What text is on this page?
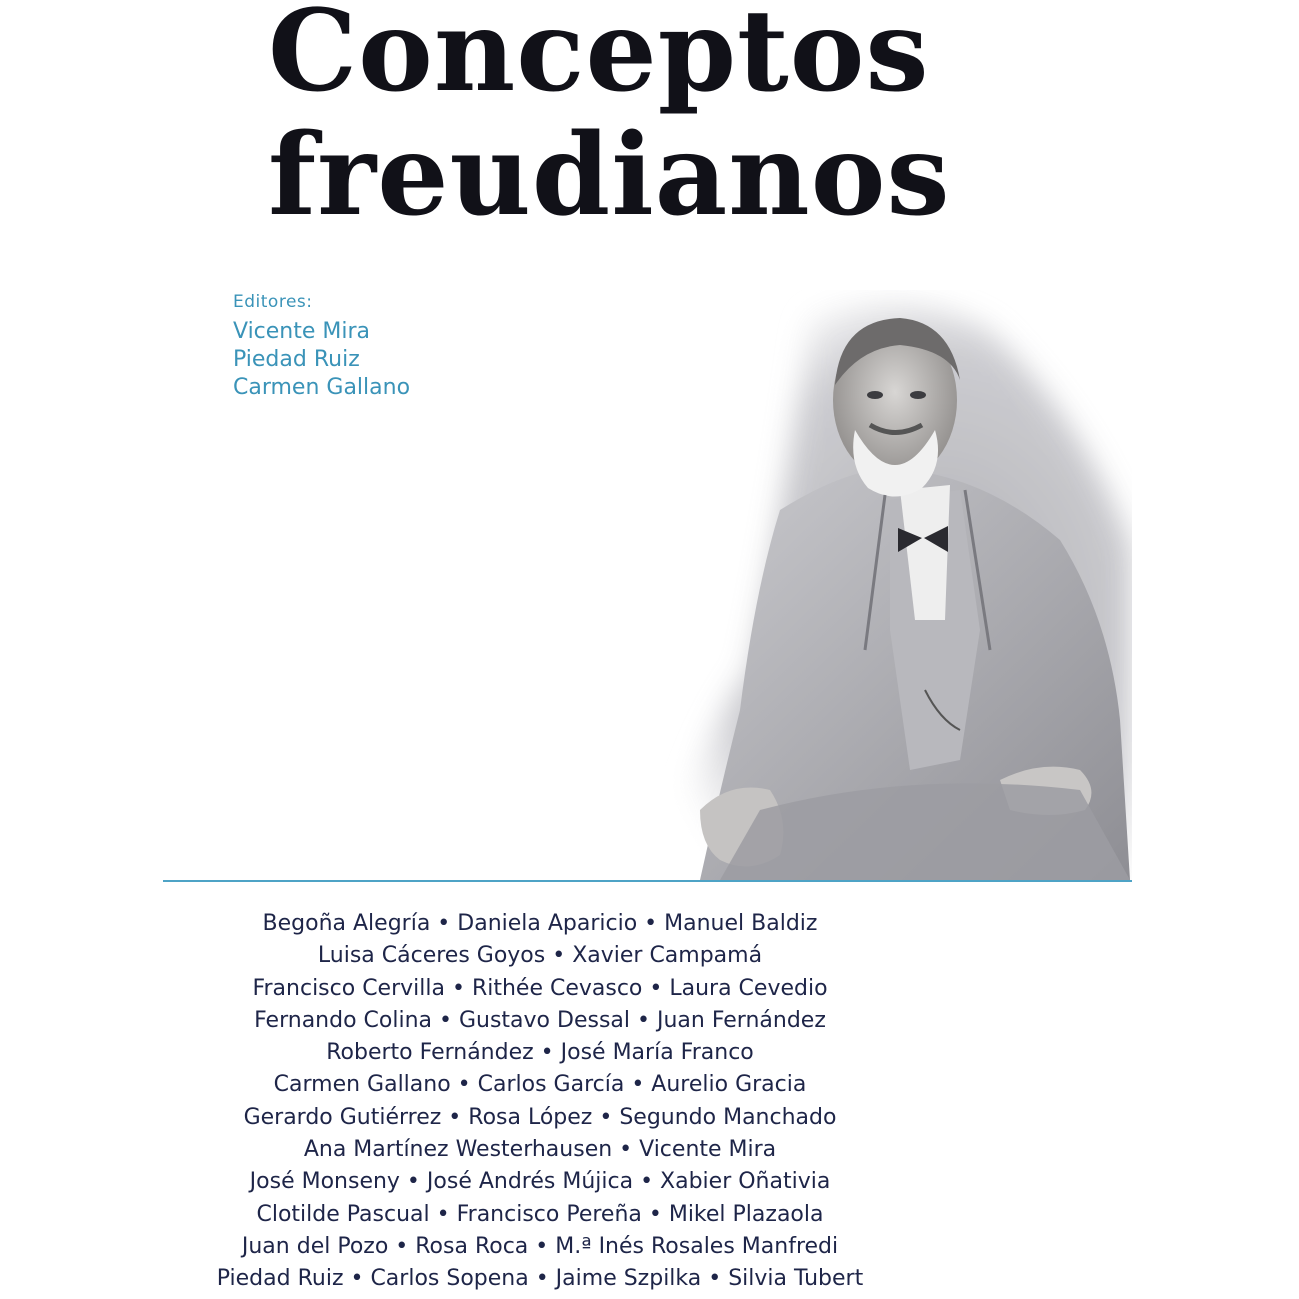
Conceptos
freudianos
Editores:
Vicente Mira
Piedad Ruiz
Carmen Gallano
Begoña Alegría • Daniela Aparicio • Manuel Baldiz
Luisa Cáceres Goyos • Xavier Campamá
Francisco Cervilla • Rithée Cevasco • Laura Cevedio
Fernando Colina • Gustavo Dessal • Juan Fernández
Roberto Fernández • José María Franco
Carmen Gallano • Carlos García • Aurelio Gracia
Gerardo Gutiérrez • Rosa López • Segundo Manchado
Ana Martínez Westerhausen • Vicente Mira
José Monseny • José Andrés Mújica • Xabier Oñativia
Clotilde Pascual • Francisco Pereña • Mikel Plazaola
Juan del Pozo • Rosa Roca • M.ª Inés Rosales Manfredi
Piedad Ruiz • Carlos Sopena • Jaime Szpilka • Silvia Tubert
